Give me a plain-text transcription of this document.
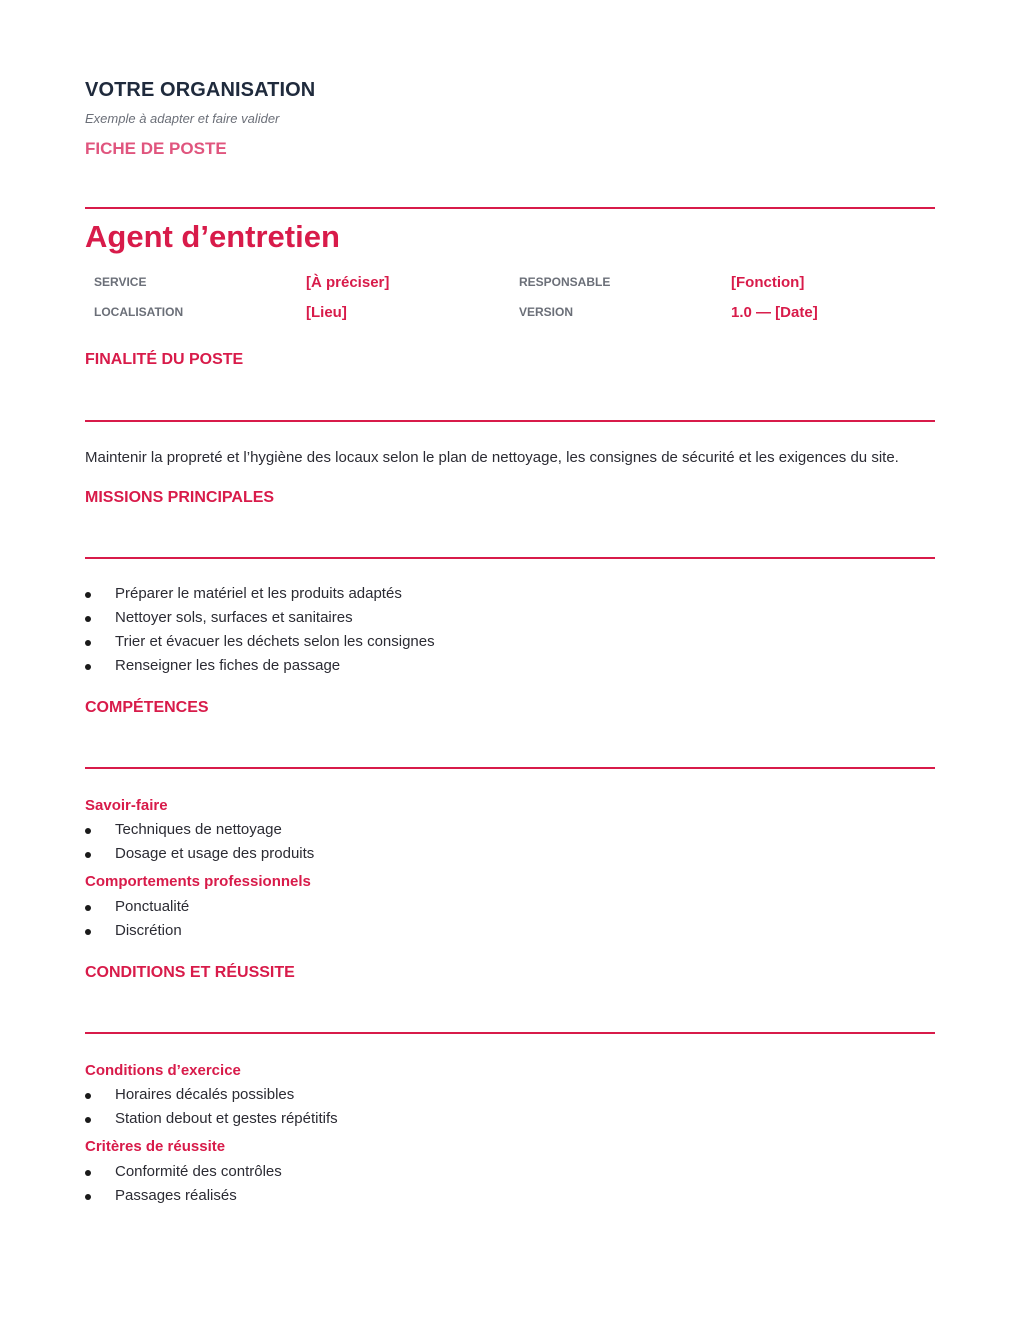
VOTRE ORGANISATION
Exemple à adapter et faire valider
FICHE DE POSTE
Agent d’entretien
SERVICE	[À préciser]	RESPONSABLE	[Fonction]
LOCALISATION	[Lieu]	VERSION	1.0 — [Date]
FINALITÉ DU POSTE
Maintenir la propreté et l’hygiène des locaux selon le plan de nettoyage, les consignes de sécurité et les exigences du site.
MISSIONS PRINCIPALES
Préparer le matériel et les produits adaptés
Nettoyer sols, surfaces et sanitaires
Trier et évacuer les déchets selon les consignes
Renseigner les fiches de passage
COMPÉTENCES
Savoir-faire
Techniques de nettoyage
Dosage et usage des produits
Comportements professionnels
Ponctualité
Discrétion
CONDITIONS ET RÉUSSITE
Conditions d’exercice
Horaires décalés possibles
Station debout et gestes répétitifs
Critères de réussite
Conformité des contrôles
Passages réalisés
